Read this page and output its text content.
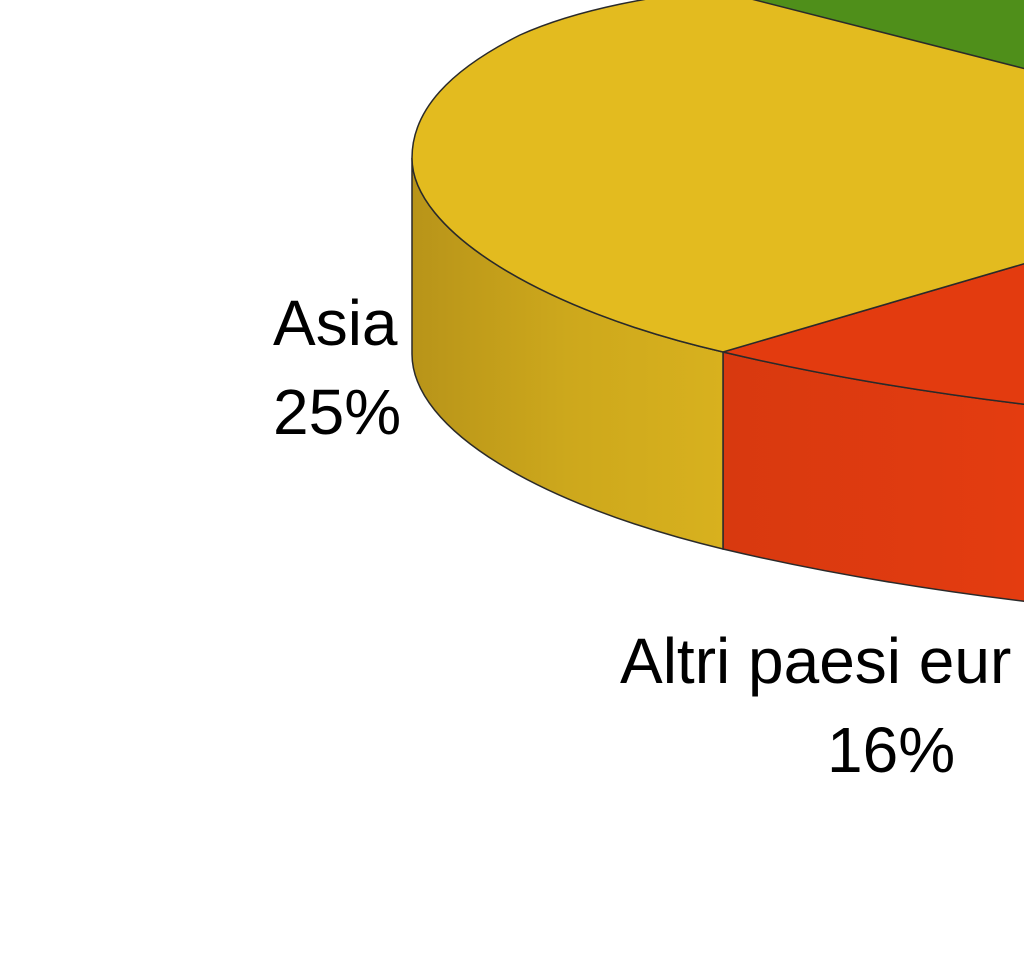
Asia
25%
Altri paesi eur
16%
